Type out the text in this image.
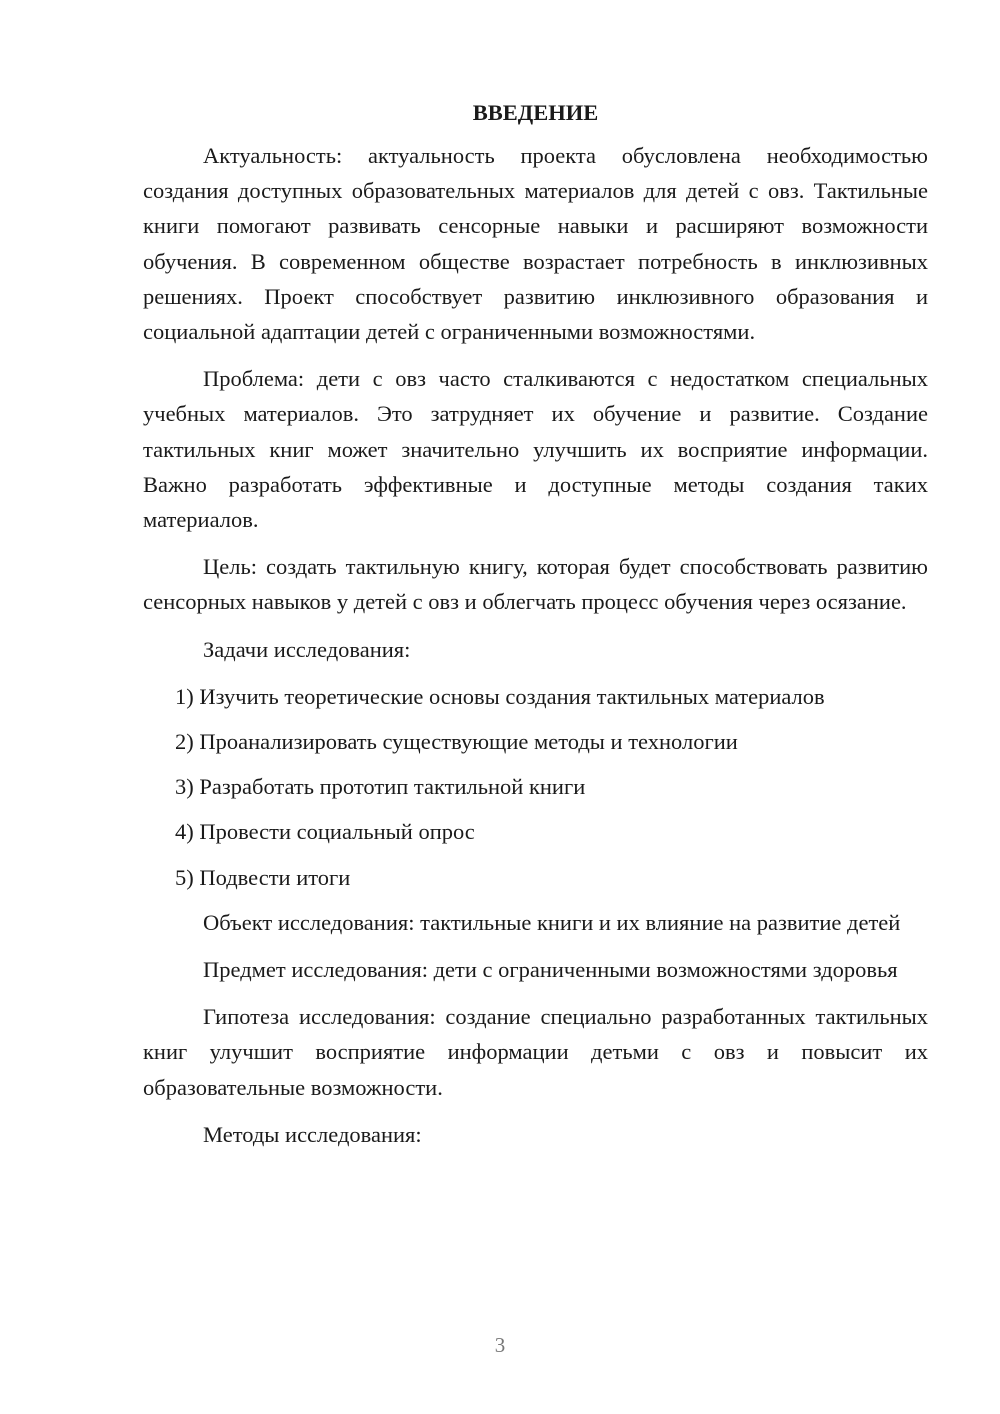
ВВЕДЕНИЕ

Актуальность: актуальность проекта обусловлена необходимостью создания доступных образовательных материалов для детей с овз. Тактильные книги помогают развивать сенсорные навыки и расширяют возможности обучения. В современном обществе возрастает потребность в инклюзивных решениях. Проект способствует развитию инклюзивного образования и социальной адаптации детей с ограниченными возможностями.

Проблема: дети с овз часто сталкиваются с недостатком специальных учебных материалов. Это затрудняет их обучение и развитие. Создание тактильных книг может значительно улучшить их восприятие информации. Важно разработать эффективные и доступные методы создания таких материалов.

Цель: создать тактильную книгу, которая будет способствовать развитию сенсорных навыков у детей с овз и облегчать процесс обучения через осязание.

Задачи исследования:

1) Изучить теоретические основы создания тактильных материалов
2) Проанализировать существующие методы и технологии
3) Разработать прототип тактильной книги
4) Провести социальный опрос
5) Подвести итоги

Объект исследования: тактильные книги и их влияние на развитие детей

Предмет исследования: дети с ограниченными возможностями здоровья

Гипотеза исследования: создание специально разработанных тактильных книг улучшит восприятие информации детьми с овз и повысит их образовательные возможности.

Методы исследования:

3
